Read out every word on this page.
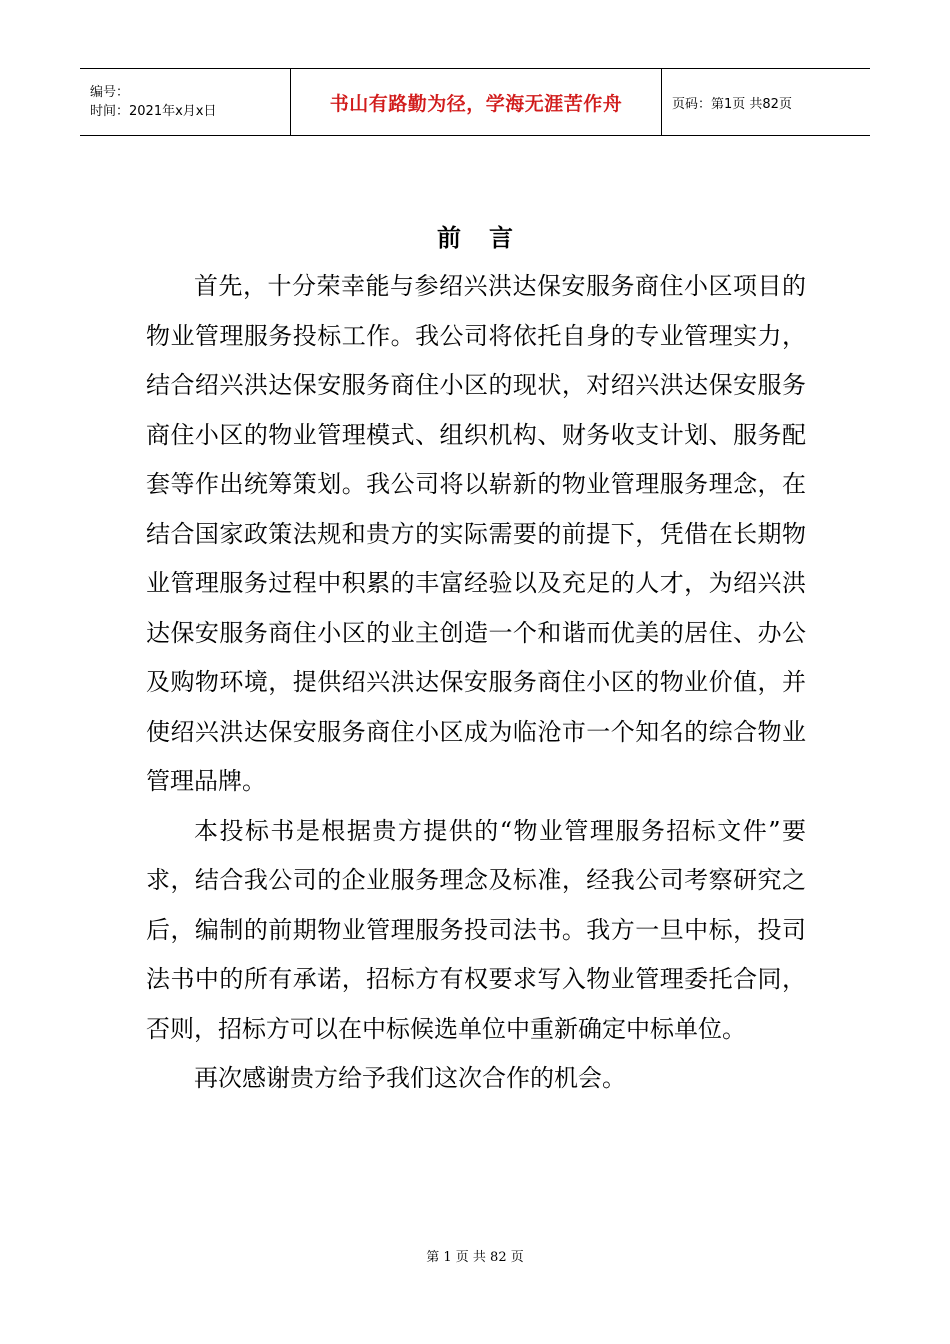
编号：
时间：2021年x月x日	书山有路勤为径，学海无涯苦作舟	页码：第1页 共82页
前言

首先，十分荣幸能与参绍兴洪达保安服务商住小区项目的物业管理服务投标工作。我公司将依托自身的专业管理实力，结合绍兴洪达保安服务商住小区的现状，对绍兴洪达保安服务商住小区的物业管理模式、组织机构、财务收支计划、服务配套等作出统筹策划。我公司将以崭新的物业管理服务理念，在结合国家政策法规和贵方的实际需要的前提下，凭借在长期物业管理服务过程中积累的丰富经验以及充足的人才，为绍兴洪达保安服务商住小区的业主创造一个和谐而优美的居住、办公及购物环境，提供绍兴洪达保安服务商住小区的物业价值，并使绍兴洪达保安服务商住小区成为临沧市一个知名的综合物业管理品牌。

本投标书是根据贵方提供的“物业管理服务招标文件”要求，结合我公司的企业服务理念及标准，经我公司考察研究之后，编制的前期物业管理服务投司法书。我方一旦中标，投司法书中的所有承诺，招标方有权要求写入物业管理委托合同，否则，招标方可以在中标候选单位中重新确定中标单位。

再次感谢贵方给予我们这次合作的机会。

第 1 页 共 82 页
